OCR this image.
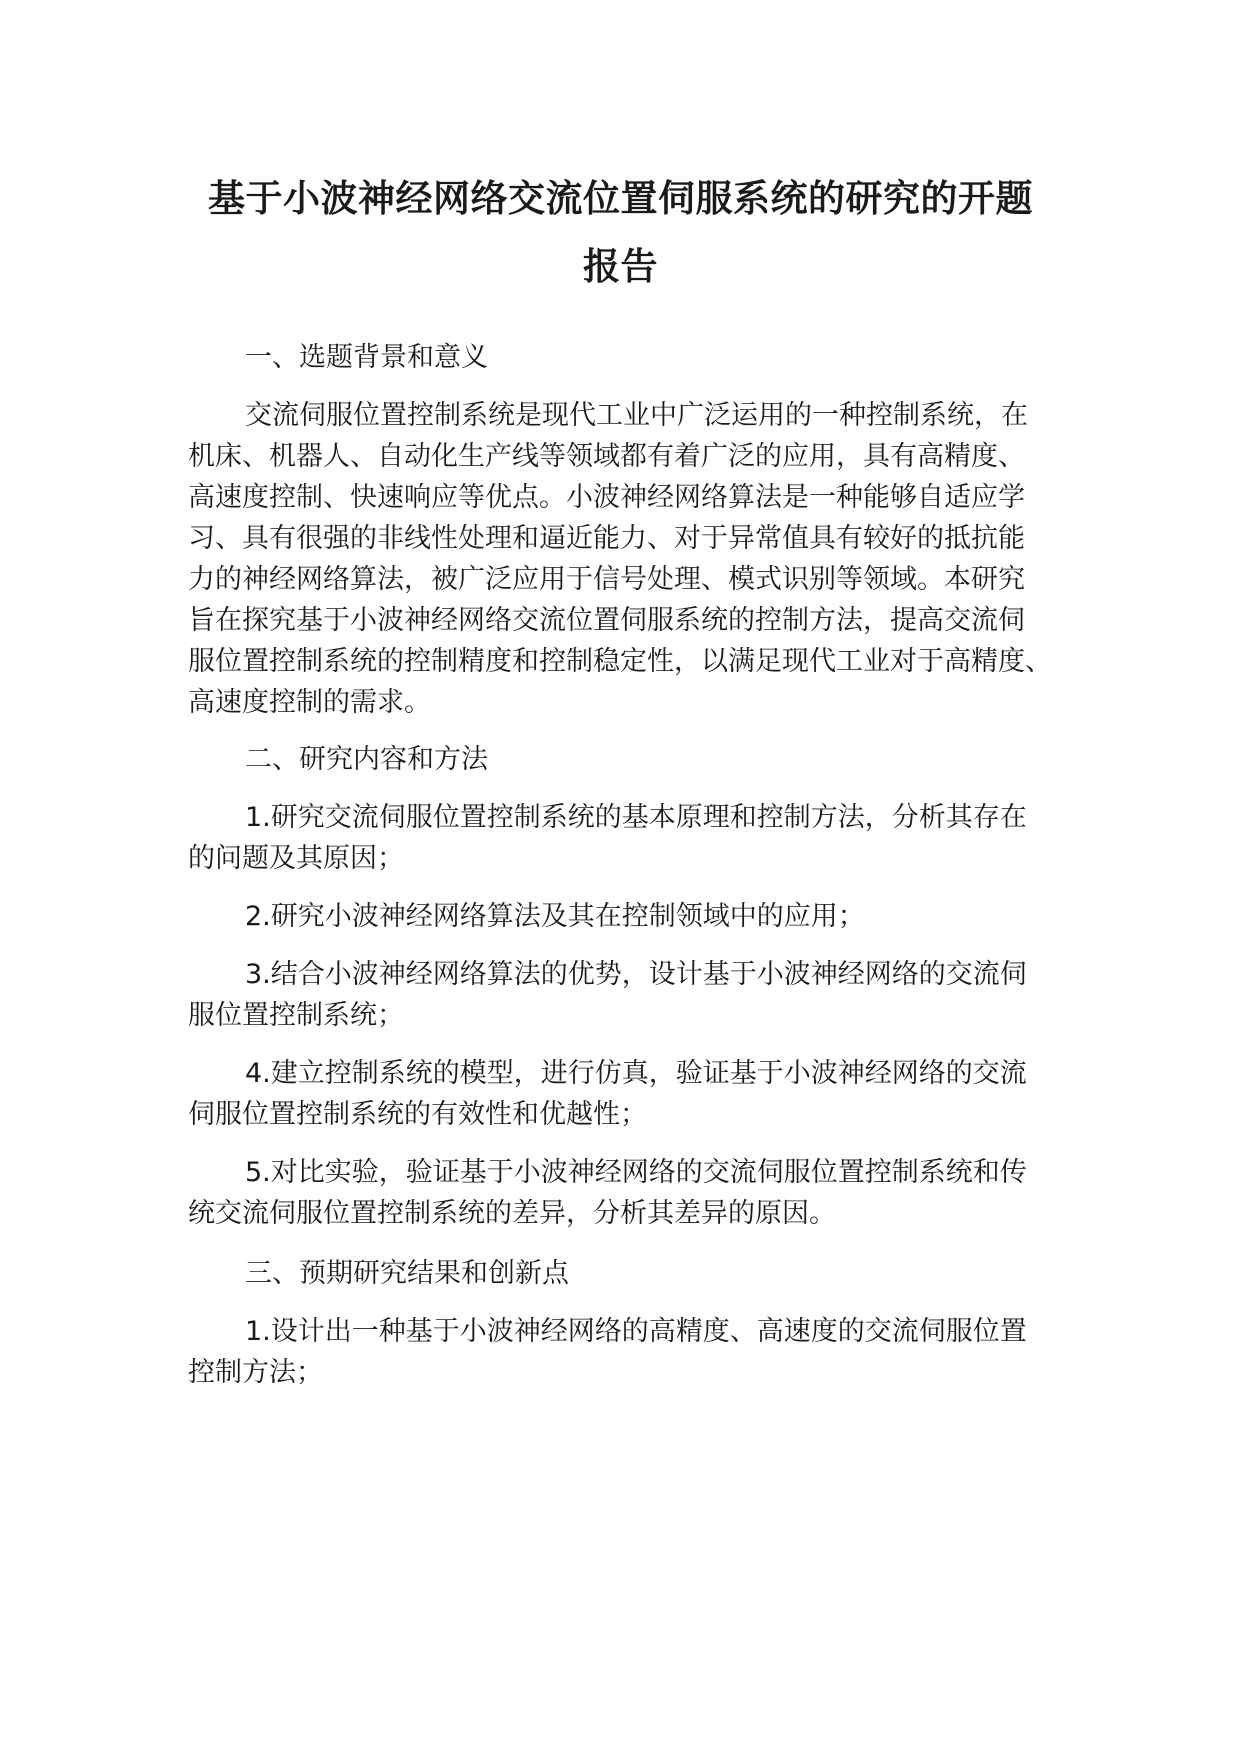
基于小波神经网络交流位置伺服系统的研究的开题
报告

一、选题背景和意义

交流伺服位置控制系统是现代工业中广泛运用的一种控制系统，在

机床、机器人、自动化生产线等领域都有着广泛的应用，具有高精度、

高速度控制、快速响应等优点。小波神经网络算法是一种能够自适应学

习、具有很强的非线性处理和逼近能力、对于异常值具有较好的抵抗能

力的神经网络算法，被广泛应用于信号处理、模式识别等领域。本研究

旨在探究基于小波神经网络交流位置伺服系统的控制方法，提高交流伺

服位置控制系统的控制精度和控制稳定性，以满足现代工业对于高精度、

高速度控制的需求。

二、研究内容和方法

1.研究交流伺服位置控制系统的基本原理和控制方法，分析其存在

的问题及其原因；

2.研究小波神经网络算法及其在控制领域中的应用；

3.结合小波神经网络算法的优势，设计基于小波神经网络的交流伺

服位置控制系统；

4.建立控制系统的模型，进行仿真，验证基于小波神经网络的交流

伺服位置控制系统的有效性和优越性；

5.对比实验，验证基于小波神经网络的交流伺服位置控制系统和传

统交流伺服位置控制系统的差异，分析其差异的原因。

三、预期研究结果和创新点

1.设计出一种基于小波神经网络的高精度、高速度的交流伺服位置

控制方法；
